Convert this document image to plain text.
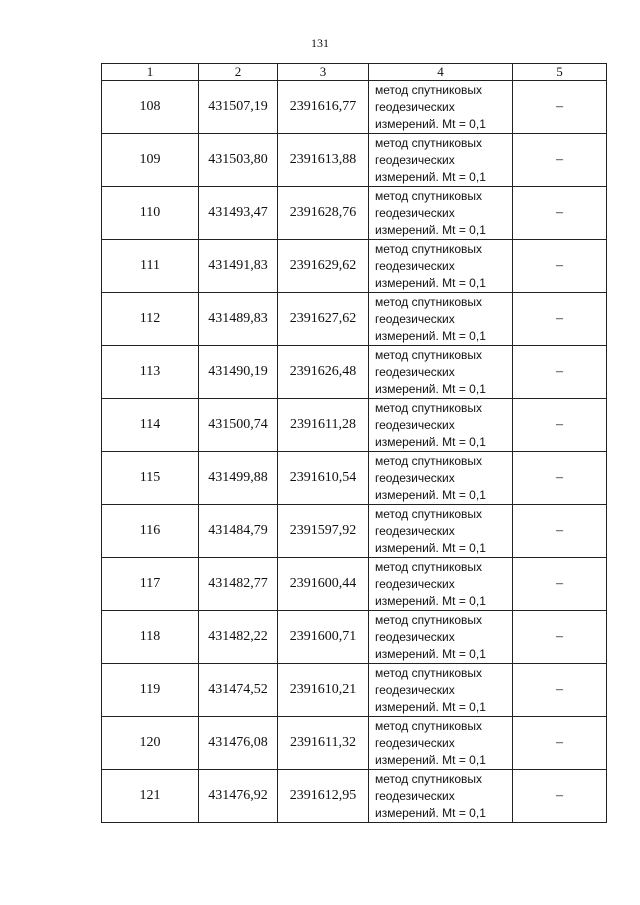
131
1	2	3	4	5
108	431507,19	2391616,77	метод спутниковых
геодезических
измерений. Mt = 0,1	–
109	431503,80	2391613,88	метод спутниковых
геодезических
измерений. Mt = 0,1	–
110	431493,47	2391628,76	метод спутниковых
геодезических
измерений. Mt = 0,1	–
111	431491,83	2391629,62	метод спутниковых
геодезических
измерений. Mt = 0,1	–
112	431489,83	2391627,62	метод спутниковых
геодезических
измерений. Mt = 0,1	–
113	431490,19	2391626,48	метод спутниковых
геодезических
измерений. Mt = 0,1	–
114	431500,74	2391611,28	метод спутниковых
геодезических
измерений. Mt = 0,1	–
115	431499,88	2391610,54	метод спутниковых
геодезических
измерений. Mt = 0,1	–
116	431484,79	2391597,92	метод спутниковых
геодезических
измерений. Mt = 0,1	–
117	431482,77	2391600,44	метод спутниковых
геодезических
измерений. Mt = 0,1	–
118	431482,22	2391600,71	метод спутниковых
геодезических
измерений. Mt = 0,1	–
119	431474,52	2391610,21	метод спутниковых
геодезических
измерений. Mt = 0,1	–
120	431476,08	2391611,32	метод спутниковых
геодезических
измерений. Mt = 0,1	–
121	431476,92	2391612,95	метод спутниковых
геодезических
измерений. Mt = 0,1	–
